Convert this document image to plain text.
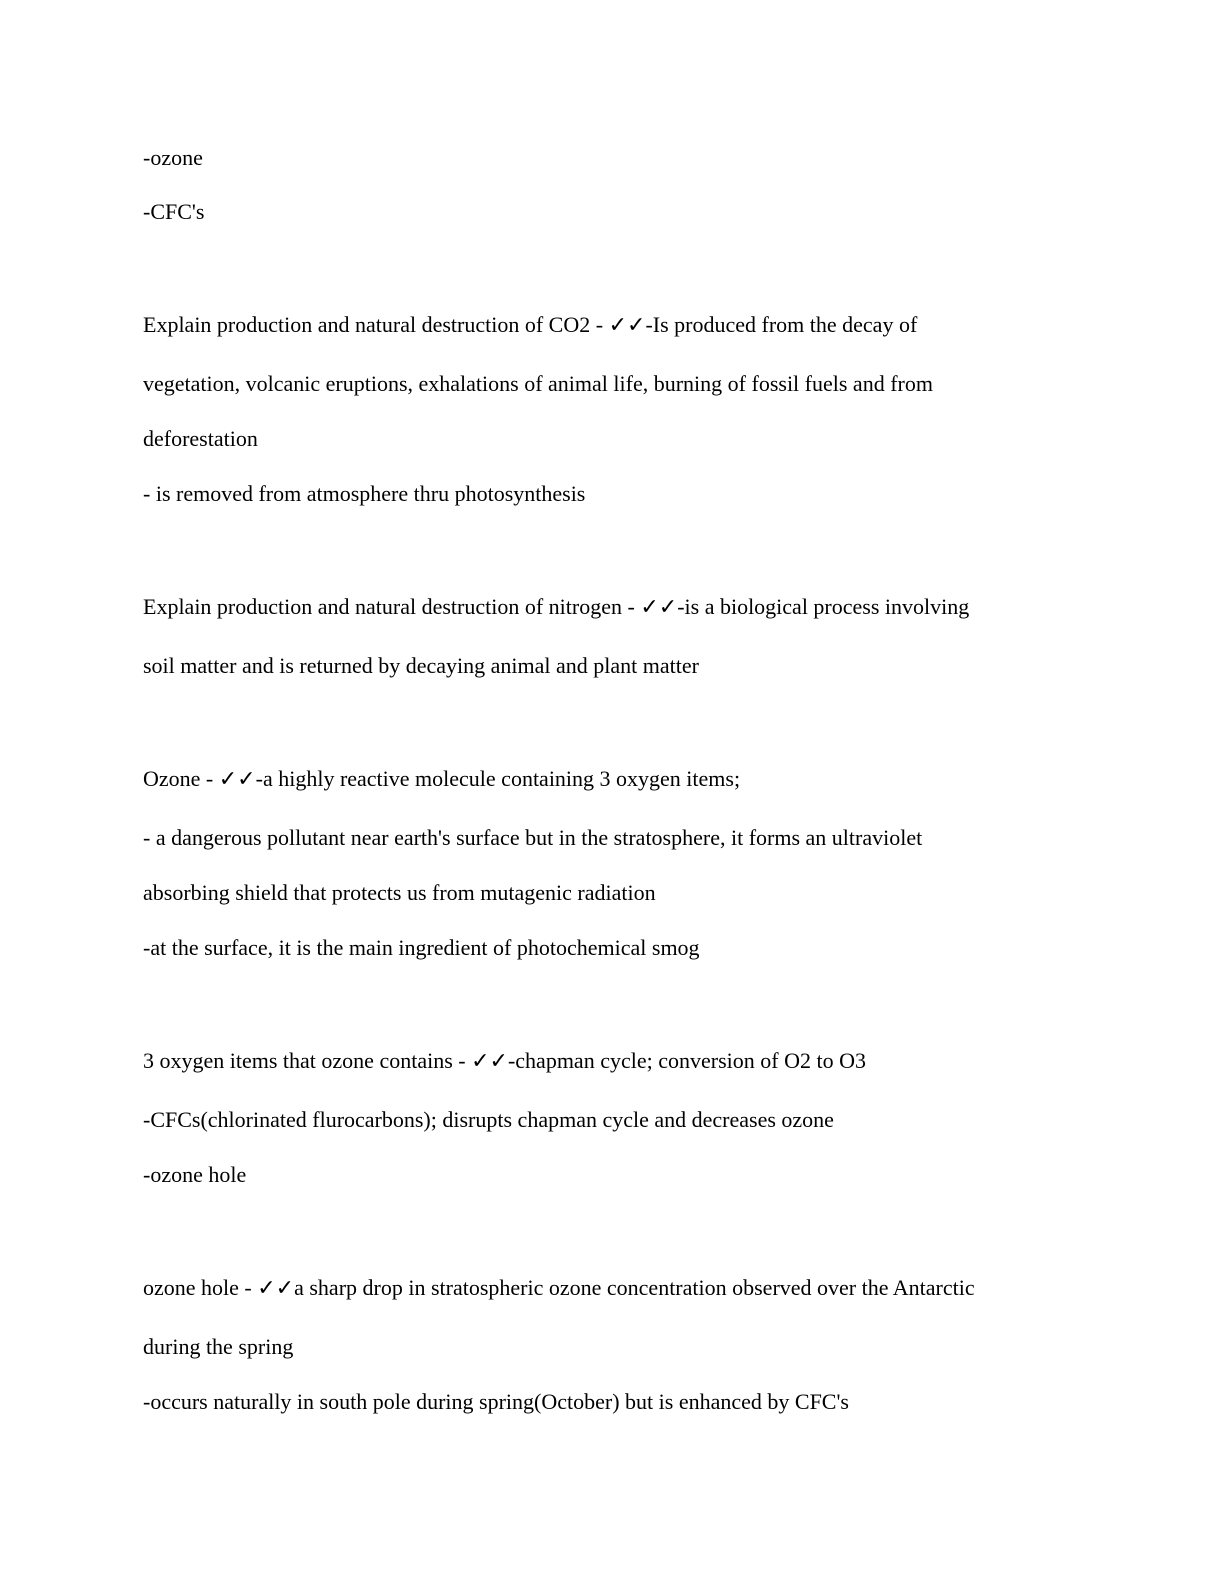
-ozone
-CFC's
Explain production and natural destruction of CO2 - ✓✓-Is produced from the decay of
vegetation, volcanic eruptions, exhalations of animal life, burning of fossil fuels and from
deforestation
- is removed from atmosphere thru photosynthesis
Explain production and natural destruction of nitrogen - ✓✓-is a biological process involving
soil matter and is returned by decaying animal and plant matter
Ozone - ✓✓-a highly reactive molecule containing 3 oxygen items;
- a dangerous pollutant near earth's surface but in the stratosphere, it forms an ultraviolet
absorbing shield that protects us from mutagenic radiation
-at the surface, it is the main ingredient of photochemical smog
3 oxygen items that ozone contains - ✓✓-chapman cycle; conversion of O2 to O3
-CFCs(chlorinated flurocarbons); disrupts chapman cycle and decreases ozone
-ozone hole
ozone hole - ✓✓a sharp drop in stratospheric ozone concentration observed over the Antarctic
during the spring
-occurs naturally in south pole during spring(October) but is enhanced by CFC's
